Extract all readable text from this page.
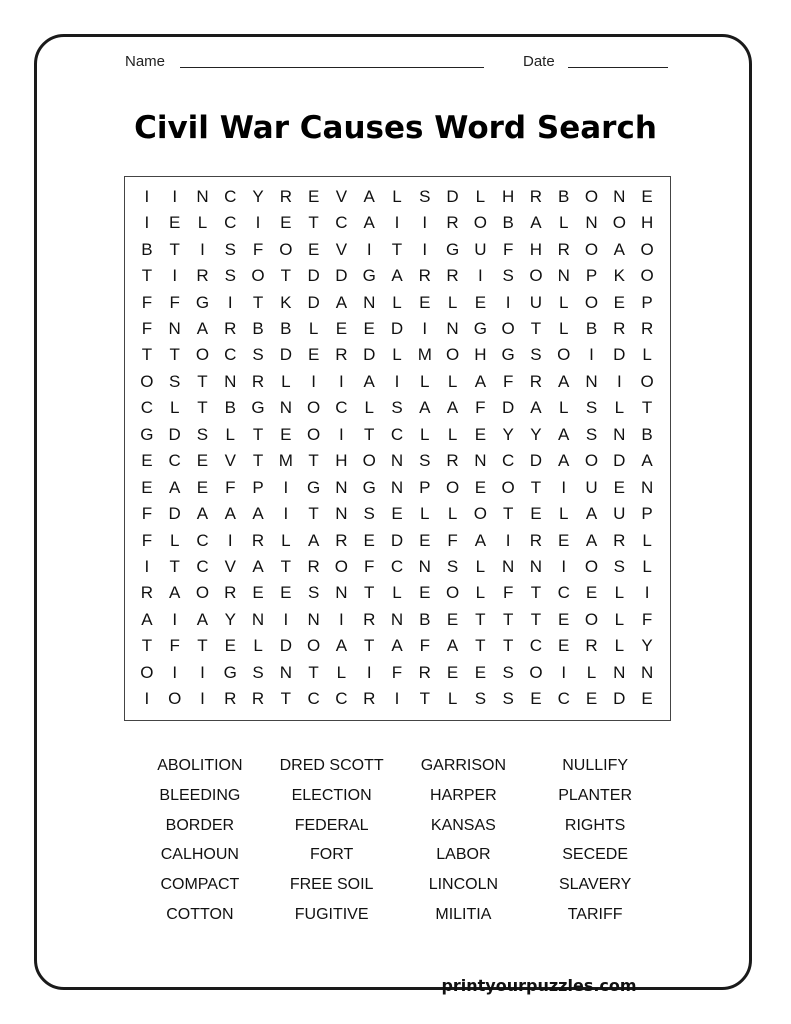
Name	Date
Civil War Causes Word Search
I	I	N C Y R E V A	L	S D L H R B O N E
I	E	L C	I	E T C A	I	I	R O B A	L N O H
B T	I	S F O E V	I	T	I	G U F H R O A O
T	I	R S O T D D G A R R	I	S O N P K O
F	F G	I	T K D A N L	E	L	E	I	U L O E P
F N A R B B	L	E E D	I	N G O T	L	B R R
T	T O C S D E R D L M O H G S O	I	D L
O S T N R L	I	I	A	I	L	L	A F R A N	I	O
C L	T B G N O C L	S A A F D A	L	S	L	T
G D S	L	T E O	I	T C L	L	E Y Y A S N B
E C E V T M T H O N S R N C D A O D A
E A E F P	I	G N G N P O E O T	I	U E N
F D A A A	I	T N S E	L	L O T E	L	A U P
F	L C	I	R L	A R E D E F A	I	R E A R L
I	T C V A T R O F C N S	L N N	I	O S	L
R A O R E E S N T	L	E O L	F	T C E	L	I
A	I	A Y N	I	N	I	R N B E T	T	T E O L	F
T	F	T E	L D O A T A F A T	T C E R L	Y
O	I	I	G S N T	L	I	F R E E S O	I	L N N
I	O	I	R R T C C R	I	T	L	S S E C E D E
ABOLITION	DRED SCOTT	GARRISON	NULLIFY
BLEEDING	ELECTION	HARPER	PLANTER
BORDER	FEDERAL	KANSAS	RIGHTS
CALHOUN	FORT	LABOR	SECEDE
COMPACT	FREE SOIL	LINCOLN	SLAVERY
COTTON	FUGITIVE	MILITIA	TARIFF
printyourpuzzles.com
